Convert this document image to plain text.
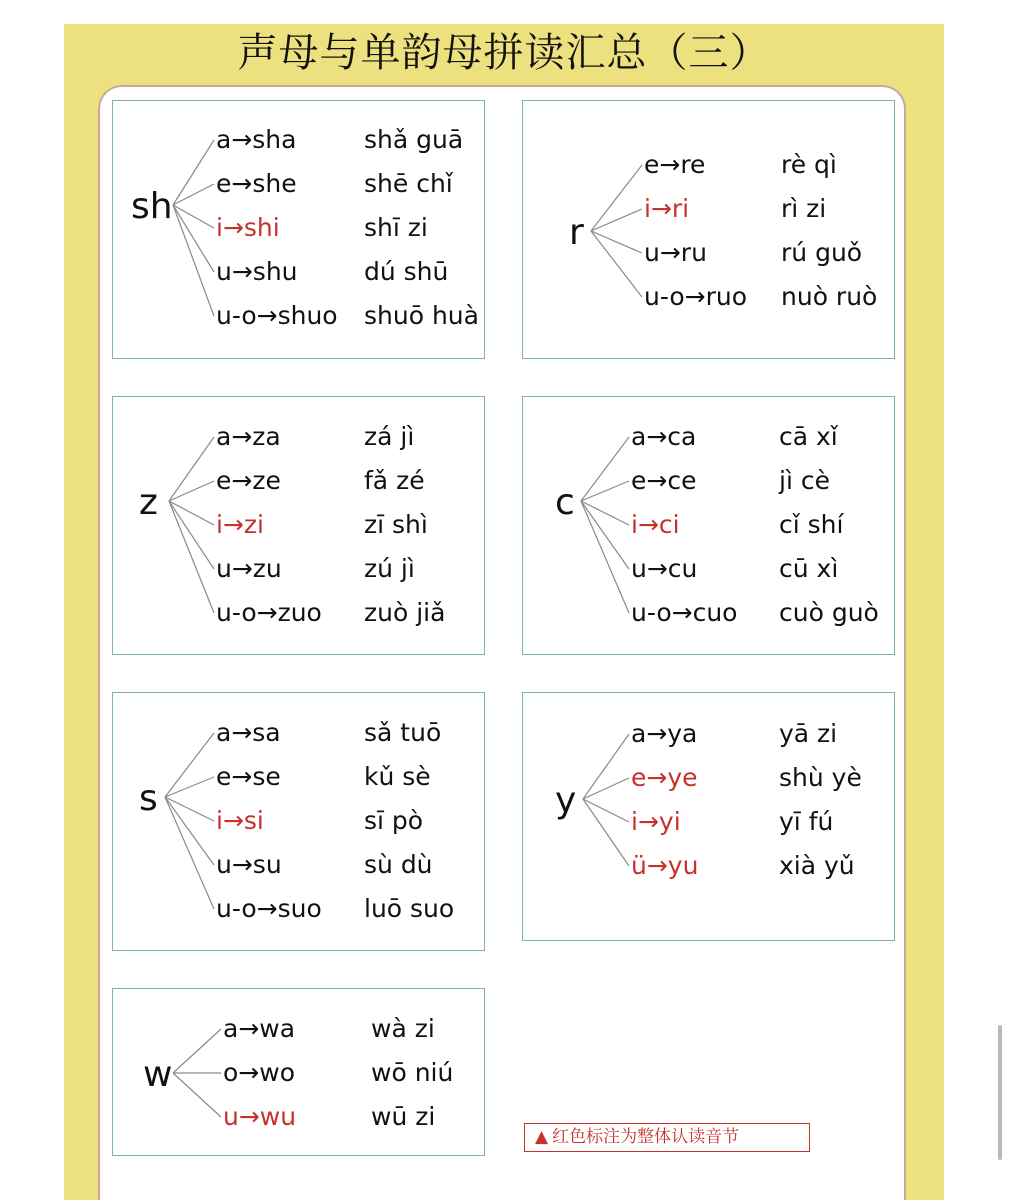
声母与单韵母拼读汇总（三）
sh
a→sha	shǎ guā
e→she	shē chǐ
i→shi	shī zi
u→shu	dú shū
u-o→shuo shuō huà
r
e→re	rè qì
i→ri	rì zi
u→ru	rú guǒ
u-o→ruo nuò ruò
z
a→za	zá jì
e→ze	fǎ zé
i→zi	zī shì
u→zu	zú jì
u-o→zuo zuò jiǎ
c
a→ca	cā xǐ
e→ce	jì cè
i→ci	cǐ shí
u→cu	cū xì
u-o→cuo cuò guò
s
a→sa	sǎ tuō
e→se	kǔ sè
i→si	sī pò
u→su	sù dù
u-o→suo luō suo
y
a→ya	yā zi
e→ye	shù yè
i→yi	yī fú
ü→yu	xià yǔ
w
a→wa	wà zi
o→wo	wō niú
u→wu	wū zi
▲ 红色标注为整体认读音节
